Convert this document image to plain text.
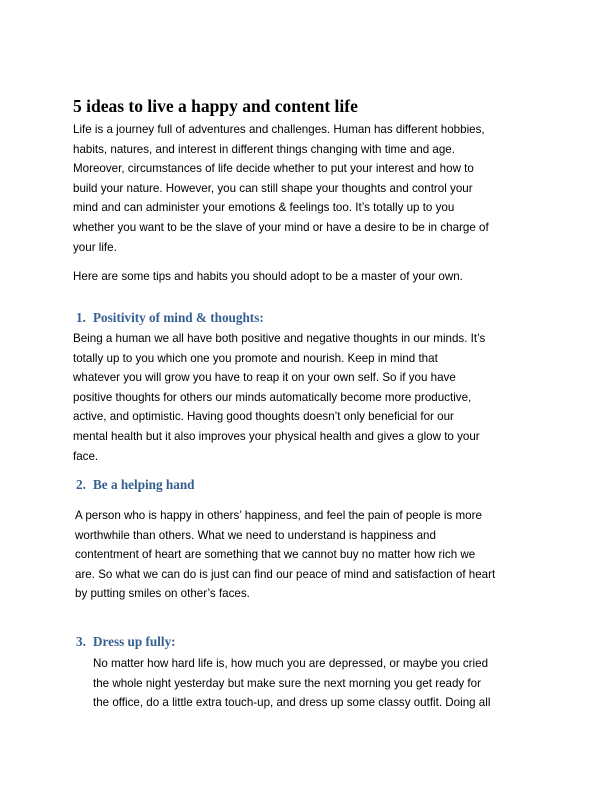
5 ideas to live a happy and content life
Life is a journey full of adventures and challenges. Human has different hobbies,
habits, natures, and interest in different things changing with time and age.
Moreover, circumstances of life decide whether to put your interest and how to
build your nature. However, you can still shape your thoughts and control your
mind and can administer your emotions & feelings too. It’s totally up to you
whether you want to be the slave of your mind or have a desire to be in charge of
your life.
Here are some tips and habits you should adopt to be a master of your own.
1. Positivity of mind & thoughts:
Being a human we all have both positive and negative thoughts in our minds. It’s
totally up to you which one you promote and nourish. Keep in mind that
whatever you will grow you have to reap it on your own self. So if you have
positive thoughts for others our minds automatically become more productive,
active, and optimistic. Having good thoughts doesn’t only beneficial for our
mental health but it also improves your physical health and gives a glow to your
face.
2. Be a helping hand
A person who is happy in others’ happiness, and feel the pain of people is more
worthwhile than others. What we need to understand is happiness and
contentment of heart are something that we cannot buy no matter how rich we
are. So what we can do is just can find our peace of mind and satisfaction of heart
by putting smiles on other’s faces.
3. Dress up fully:
No matter how hard life is, how much you are depressed, or maybe you cried
the whole night yesterday but make sure the next morning you get ready for
the office, do a little extra touch-up, and dress up some classy outfit. Doing all
